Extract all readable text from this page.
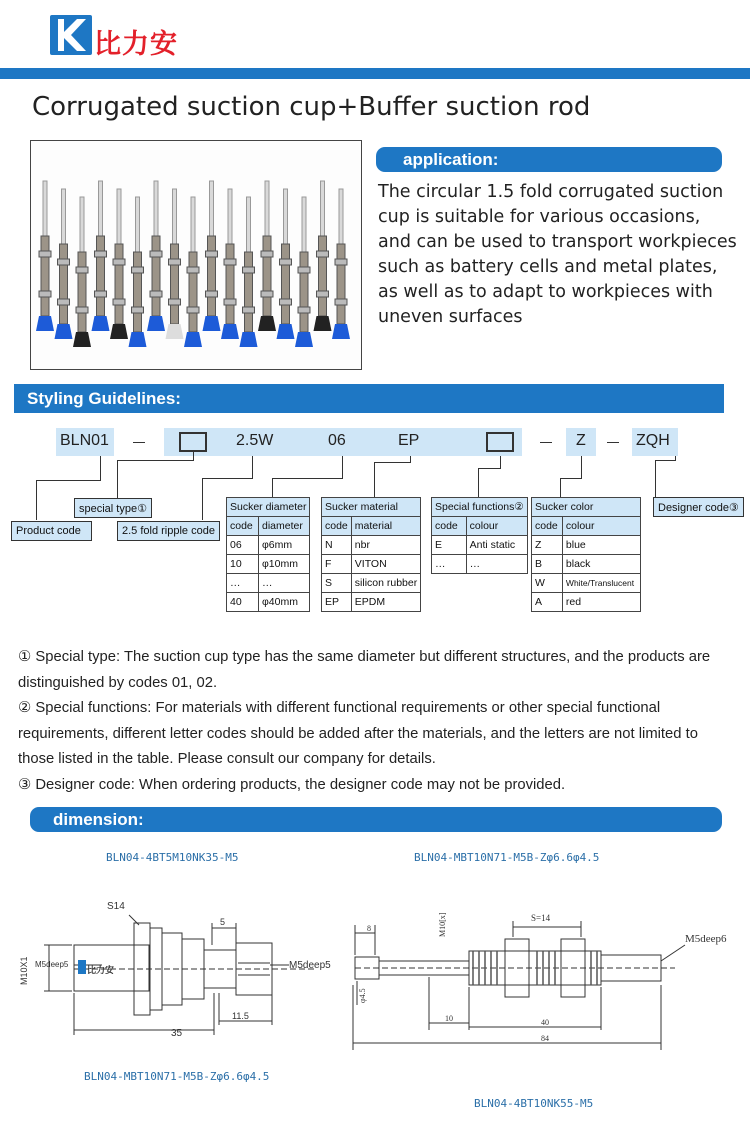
比力安
Corrugated suction cup+Buffer suction rod
application:
The circular 1.5 fold corrugated suction cup is suitable for various occasions, and can be used to transport workpieces such as battery cells and metal plates, as well as to adapt to workpieces with uneven surfaces
Styling Guidelines:
BLN01	2.5W	06	EP	Z	ZQH
special type①
Product code	2.5 fold ripple code
Designer code③
Sucker diameter	
code	diameter
06	φ6mm
10	φ10mm
…	…
40	φ40mm
Sucker material	
code	material
N	nbr
F	VITON
S	silicon rubber
EP	EPDM
Special functions②	
code	colour
E	Anti static
…	…
Sucker color	
code	colour
Z	blue
B	black
W	White/Translucent
A	red
① Special type: The suction cup type has the same diameter but different structures, and the products are distinguished by codes 01, 02.
② Special functions: For materials with different functional requirements or other special functional requirements, different letter codes should be added after the materials, and the letters are not limited to those listed in the table. Please consult our company for details.
③ Designer code: When ordering products, the designer code may not be provided.
dimension:
BLN04-4BT5M10NK35-M5	BLN04-MBT10N71-M5B-Zφ6.6φ4.5
BLN04-MBT10N71-M5B-Zφ6.6φ4.5
BLN04-4BT10NK55-M5
S14
M10X1 M5deep5	M5deep5
5
11.5
35
比力安
S=14
M10[x]
M5deep6
8
φ4.5
10	40
84
